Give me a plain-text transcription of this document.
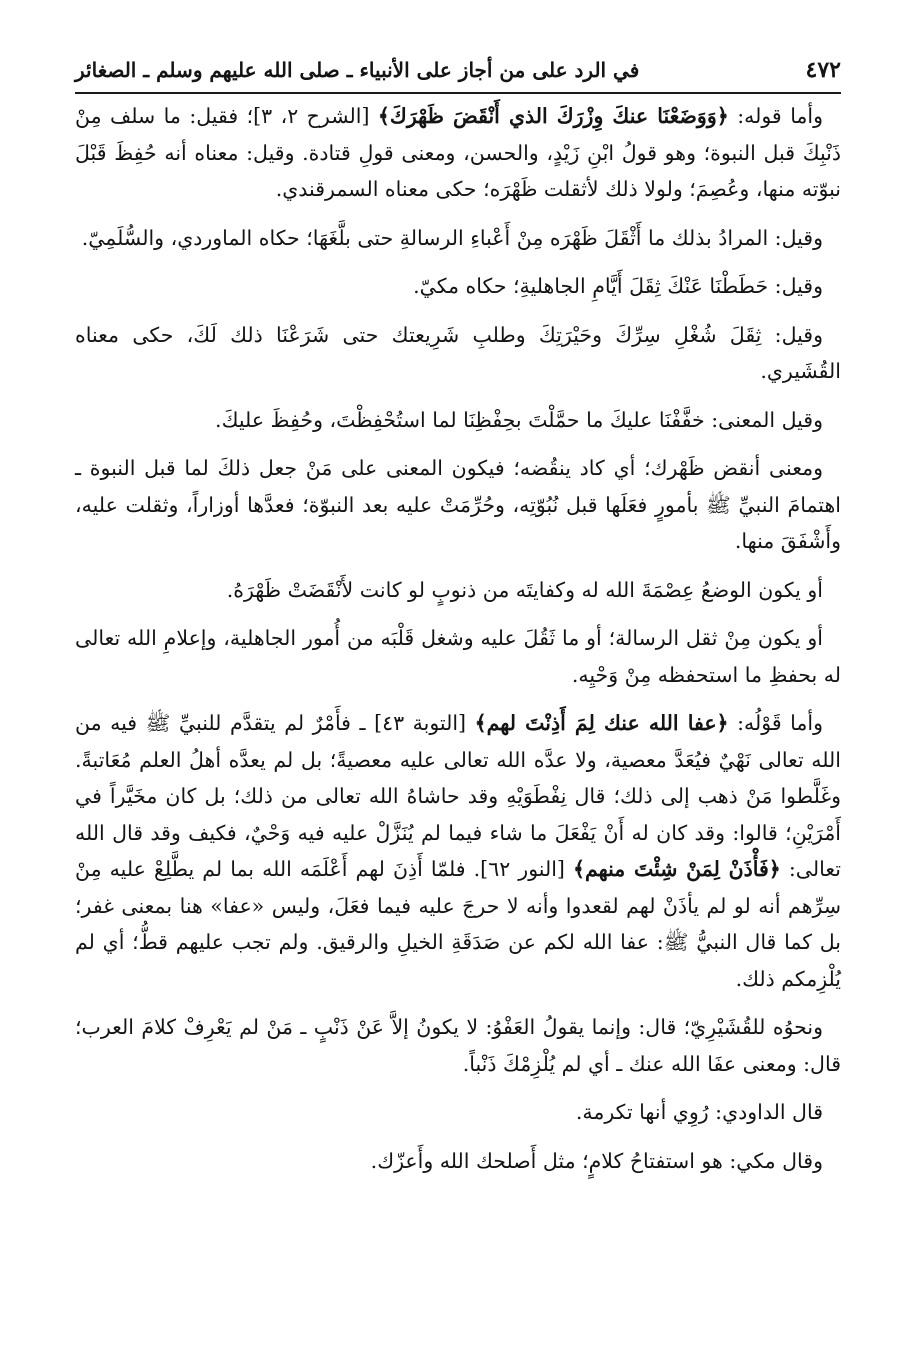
٤٧٢
في الرد على من أجاز على الأنبياء ـ صلى الله عليهم وسلم ـ الصغائر

وأما قوله: ﴿وَوَضَعْنَا عنكَ وِزْرَكَ الذي أَنْقَضَ ظَهْرَكَ﴾ [الشرح ٢، ٣]؛ فقيل: ما سلف مِنْ ذَنْبِكَ قبل النبوة؛ وهو قولُ ابْنِ زَيْدٍ، والحسن، ومعنى قولِ قتادة. وقيل: معناه أنه حُفِظَ قَبْلَ نبوّته منها، وعُصِمَ؛ ولولا ذلك لأثقلت ظَهْرَه؛ حكى معناه السمرقندي.

وقيل: المرادُ بذلك ما أَثْقَلَ ظَهْرَه مِنْ أَعْباءِ الرسالةِ حتى بلَّغَهَا؛ حكاه الماوردي، والسُّلَمِيّ.

وقيل: حَطَطْنَا عَنْكَ ثِقَلَ أَيَّامِ الجاهليةِ؛ حكاه مكيّ.

وقيل: ثِقَلَ شُغْلِ سِرِّكَ وحَيْرَتِكَ وطلبِ شَرِيعتك حتى شَرَعْنَا ذلك لَكَ، حكى معناه القُشَيري.

وقيل المعنى: خفَّفْنَا عليكَ ما حمَّلْتَ بحِفْظِنَا لما استُحْفِظْتَ، وحُفِظَ عليكَ.

ومعنى أنقض ظَهْرك؛ أي كاد ينقُضه؛ فيكون المعنى على مَنْ جعل ذلكَ لما قبل النبوة ـ اهتمامَ النبيِّ ﷺ بأمورٍ فعَلَها قبل نُبُوّتِه، وحُرِّمَتْ عليه بعد النبوّة؛ فعدَّها أوزاراً، وثقلت عليه، وأَشْفَقَ منها.

أو يكون الوضعُ عِصْمَةَ الله له وكفايتَه من ذنوبٍ لو كانت لأَنْقَضَتْ ظَهْرَهُ.

أو يكون مِنْ ثقل الرسالة؛ أو ما ثَقُلَ عليه وشغل قَلْبَه من أُمور الجاهلية، وإعلامِ الله تعالى له بحفظِ ما استحفظه مِنْ وَحْيِه.

وأما قَوْلُه: ﴿عفا الله عنك لِمَ أَذِنْتَ لهم﴾ [التوبة ٤٣] ـ فأَمْرٌ لم يتقدَّم للنبيِّ ﷺ فيه من الله تعالى نَهْيٌ فيُعَدَّ معصية، ولا عدَّه الله تعالى عليه معصيةً؛ بل لم يعدَّه أهلُ العلم مُعَاتبةً. وغَلَّطوا مَنْ ذهب إلى ذلك؛ قال نِفْطَوَيْهِ وقد حاشاهُ الله تعالى من ذلك؛ بل كان مخَيَّراً في أَمْرَيْنِ؛ قالوا: وقد كان له أَنْ يَفْعَلَ ما شاء فيما لم يُنَزَّلْ عليه فيه وَحْيٌ، فكيف وقد قال الله تعالى: ﴿فَأْذَنْ لِمَنْ شِئْتَ منهم﴾ [النور ٦٢]. فلمّا أَذِنَ لهم أَعْلَمَه الله بما لم يطَّلِعْ عليه مِنْ سِرِّهم أنه لو لم يأذَنْ لهم لقعدوا وأنه لا حرجَ عليه فيما فعَلَ، وليس «عفا» هنا بمعنى غفر؛ بل كما قال النبيُّ ﷺ: عفا الله لكم عن صَدَقَةِ الخيلِ والرقيق. ولم تجب عليهم قطُّ؛ أي لم يُلْزِمكم ذلك.

ونحوُه للقُشَيْرِيّ؛ قال: وإنما يقولُ العَفْوُ: لا يكونُ إلاَّ عَنْ ذَنْبٍ ـ مَنْ لم يَعْرِفْ كلامَ العرب؛ قال: ومعنى عفَا الله عنك ـ أي لم يُلْزِمْكَ ذَنْباً.

قال الداودي: رُوِي أنها تكرمة.

وقال مكي: هو استفتاحُ كلامٍ؛ مثل أَصلحك الله وأَعزّك.
